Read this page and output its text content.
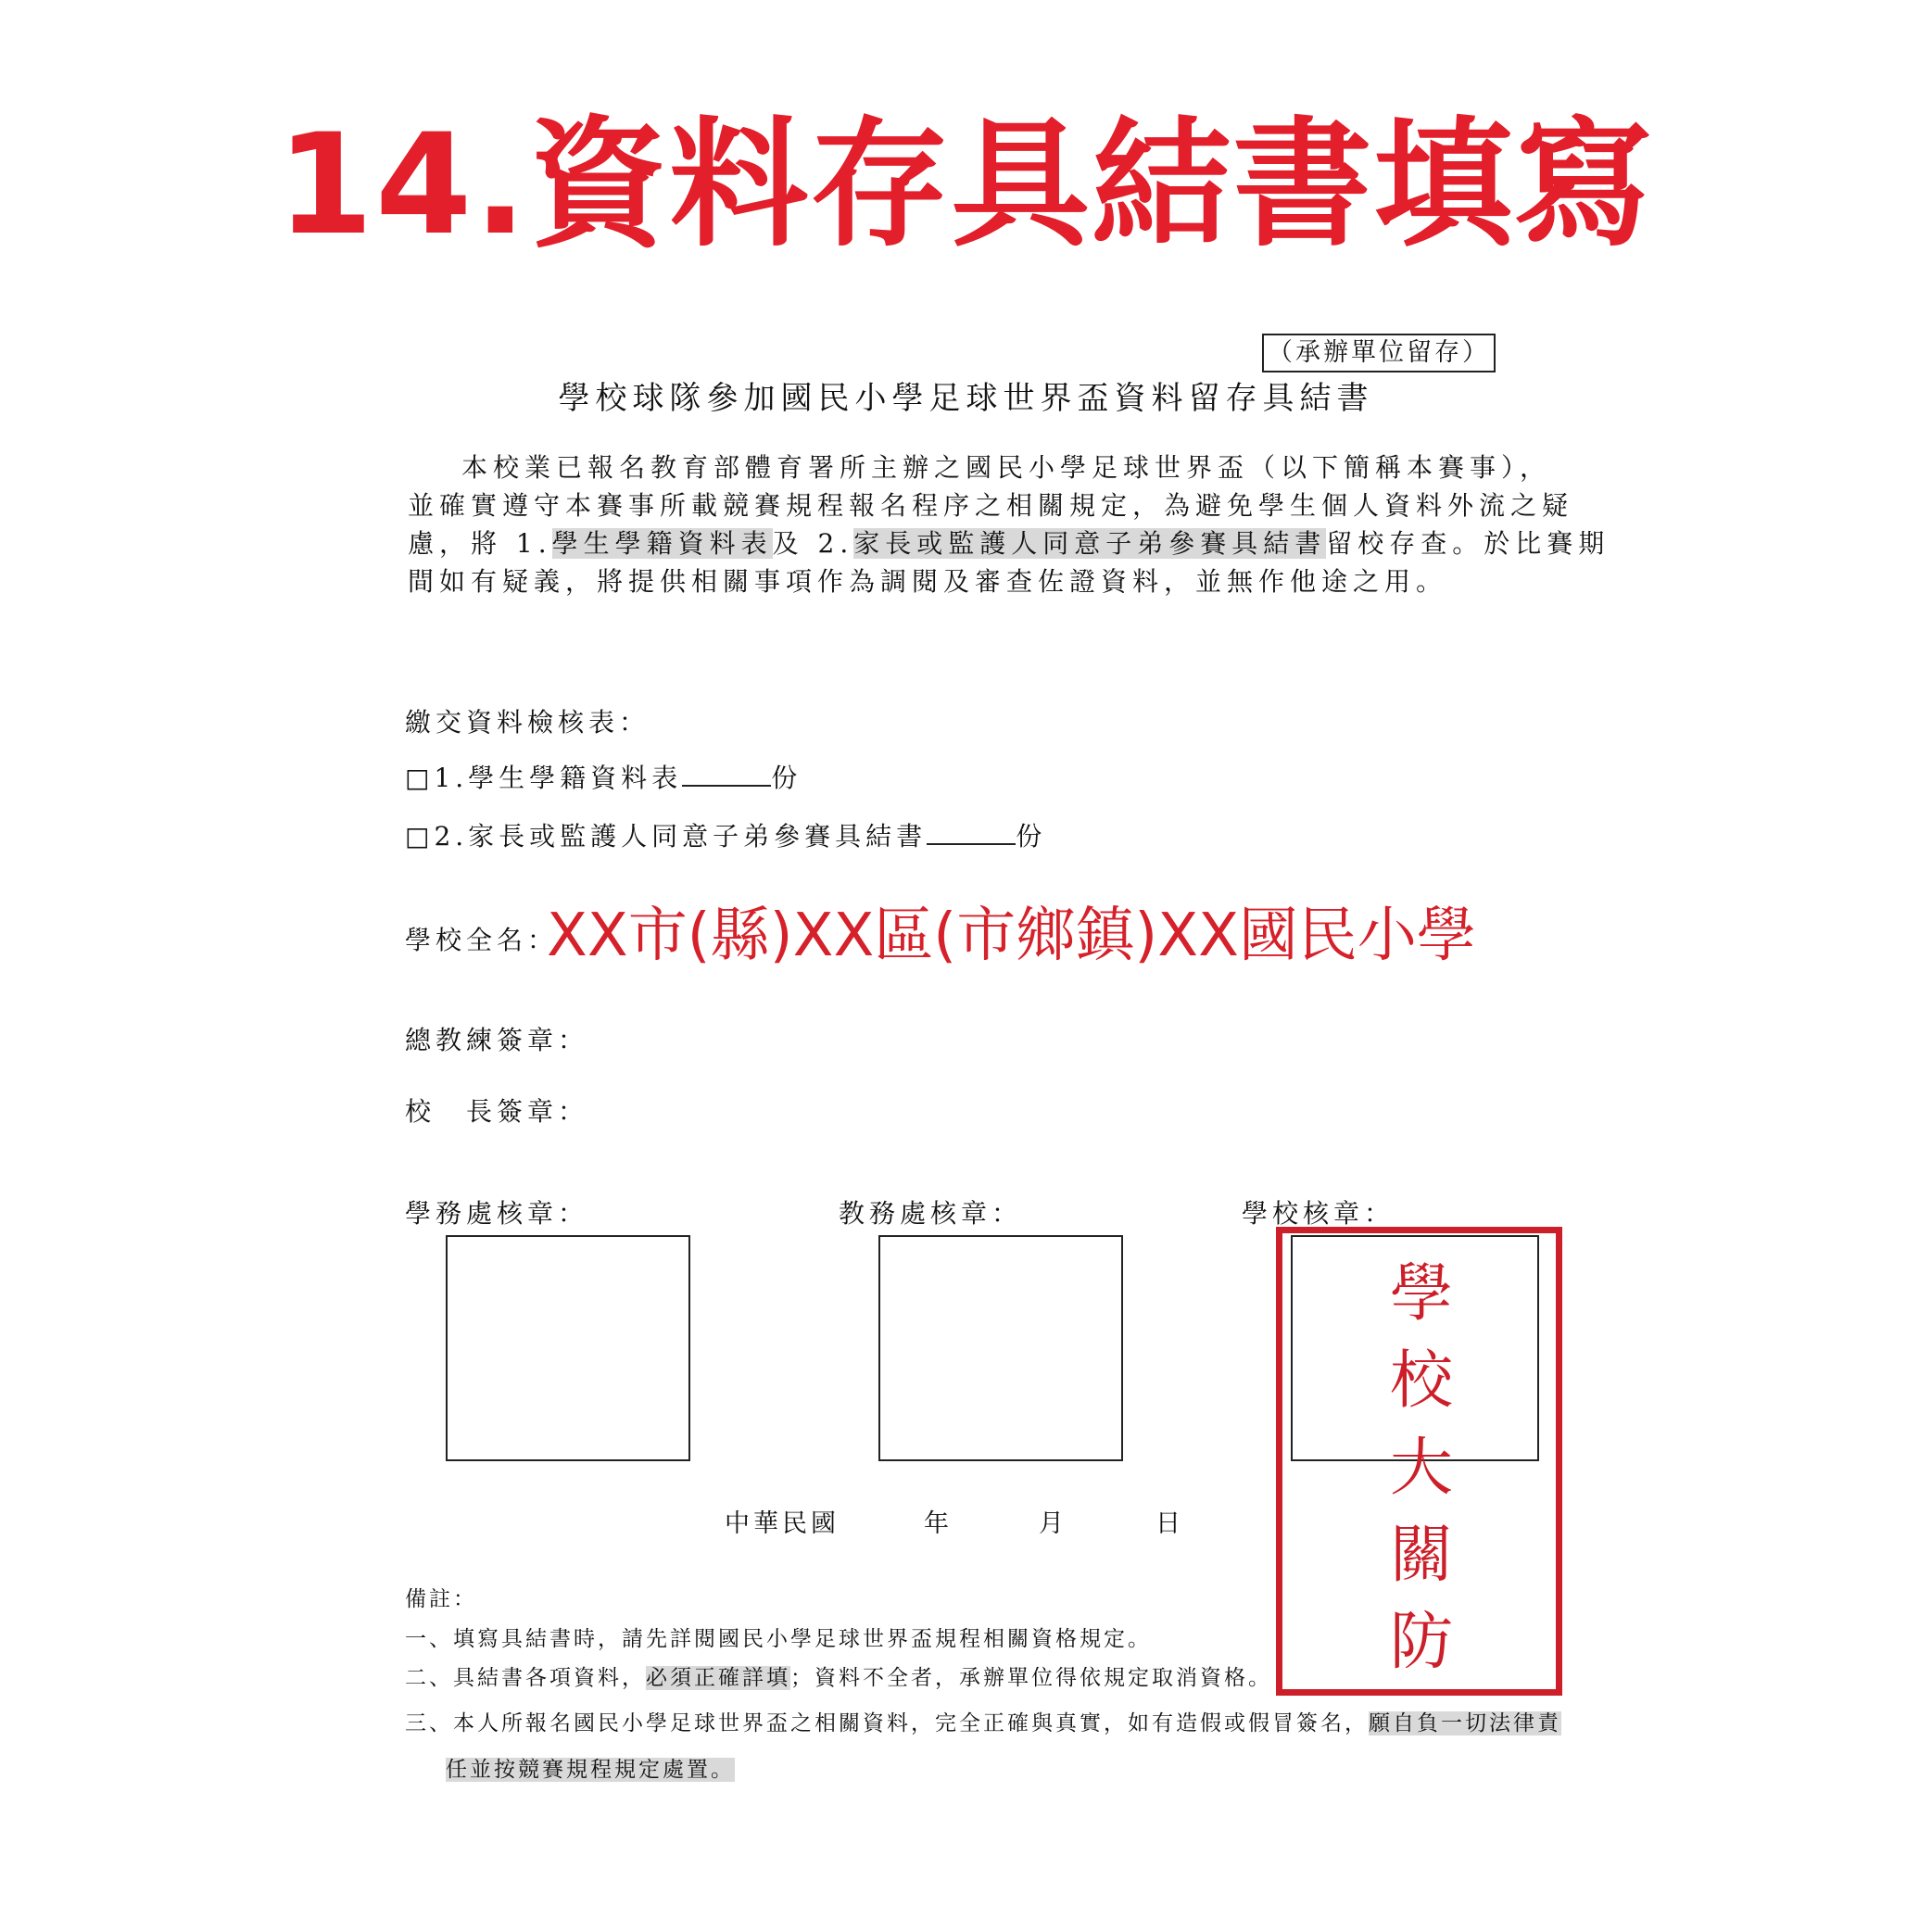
14.資料存具結書填寫
（承辦單位留存）
學校球隊參加國民小學足球世界盃資料留存具結書
本校業已報名教育部體育署所主辦之國民小學足球世界盃（以下簡稱本賽事），
並確實遵守本賽事所載競賽規程報名程序之相關規定，為避免學生個人資料外流之疑
慮，將 1.學生學籍資料表及 2.家長或監護人同意子弟參賽具結書留校存查。於比賽期
間如有疑義，將提供相關事項作為調閱及審查佐證資料，並無作他途之用。
繳交資料檢核表：
□1.學生學籍資料表	份
□2.家長或監護人同意子弟參賽具結書	份
學校全名：
XX市(縣)XX區(市鄉鎮)XX國民小學
總教練簽章：
校　長簽章：
學務處核章：	教務處核章：	學校核章：
中華民國	年	月	日
備註：
一、填寫具結書時，請先詳閱國民小學足球世界盃規程相關資格規定。
二、具結書各項資料，必須正確詳填；資料不全者，承辦單位得依規定取消資格。
三、本人所報名國民小學足球世界盃之相關資料，完全正確與真實，如有造假或假冒簽名，願自負一切法律責
任並按競賽規程規定處置。
學校大關防
